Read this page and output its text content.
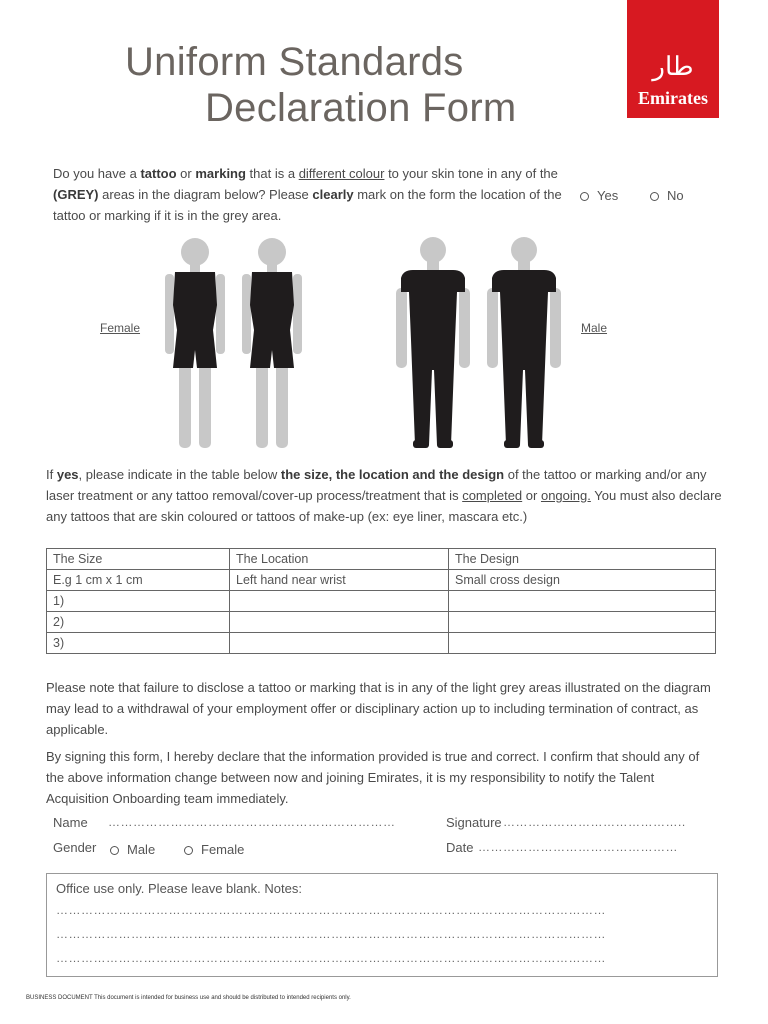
Uniform Standards
Declaration Form
ﻃﺎﺭ
Emirates
Do you have a tattoo or marking that is a different colour to your skin tone in any of the (GREY) areas in the diagram below? Please clearly mark on the form the location of the tattoo or marking if it is in the grey area.
Yes	No
Female	Male
If yes, please indicate in the table below the size, the location and the design of the tattoo or marking and/or any laser treatment or any tattoo removal/cover-up process/treatment that is completed or ongoing. You must also declare any tattoos that are skin coloured or tattoos of make-up (ex: eye liner, mascara etc.)
The Size	The Location	The Design
E.g 1 cm x 1 cm	Left hand near wrist	Small cross design
1)		
2)		
3)		
Please note that failure to disclose a tattoo or marking that is in any of the light grey areas illustrated on the diagram may lead to a withdrawal of your employment offer or disciplinary action up to including termination of contract, as applicable.
By signing this form, I hereby declare that the information provided is true and correct. I confirm that should any of the above information change between now and joining Emirates, it is my responsibility to notify the Talent Acquisition Onboarding team immediately.
Name ……………………………………………………………	Signature ……………………………………..
Gender	Male	Female	Date …………………………………………
Office use only. Please leave blank. Notes:
……………………………………………………………………………………………………………………
……………………………………………………………………………………………………………………
……………………………………………………………………………………………………………………
BUSINESS DOCUMENT This document is intended for business use and should be distributed to intended recipients only.
